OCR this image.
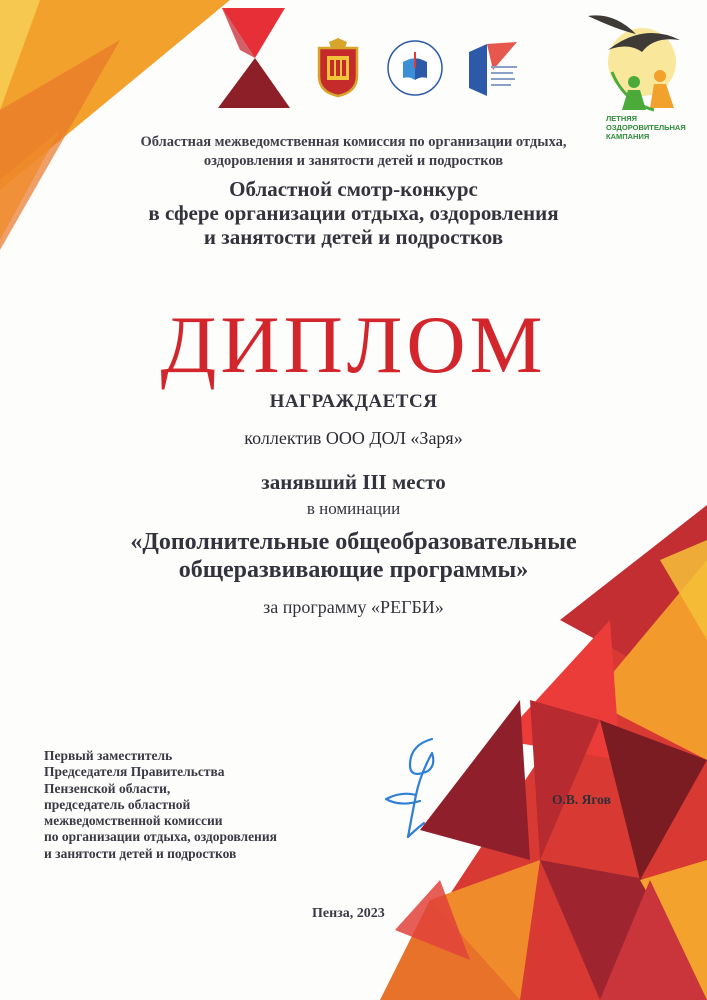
ЛЕТНЯЯ
ОЗДОРОВИТЕЛЬНАЯ
КАМПАНИЯ
Областная межведомственная комиссия по организации отдыха,
оздоровления и занятости детей и подростков
Областной смотр-конкурс
в сфере организации отдыха, оздоровления
и занятости детей и подростков
ДИПЛОМ
НАГРАЖДАЕТСЯ
коллектив ООО ДОЛ «Заря»
занявший III место
в номинации
«Дополнительные общеобразовательные
общеразвивающие программы»
за программу «РЕГБИ»
Первый заместитель
Председателя Правительства
Пензенской области,
председатель областной
межведомственной комиссии
по организации отдыха, оздоровления
и занятости детей и подростков
О.В. Ягов
Пенза, 2023
